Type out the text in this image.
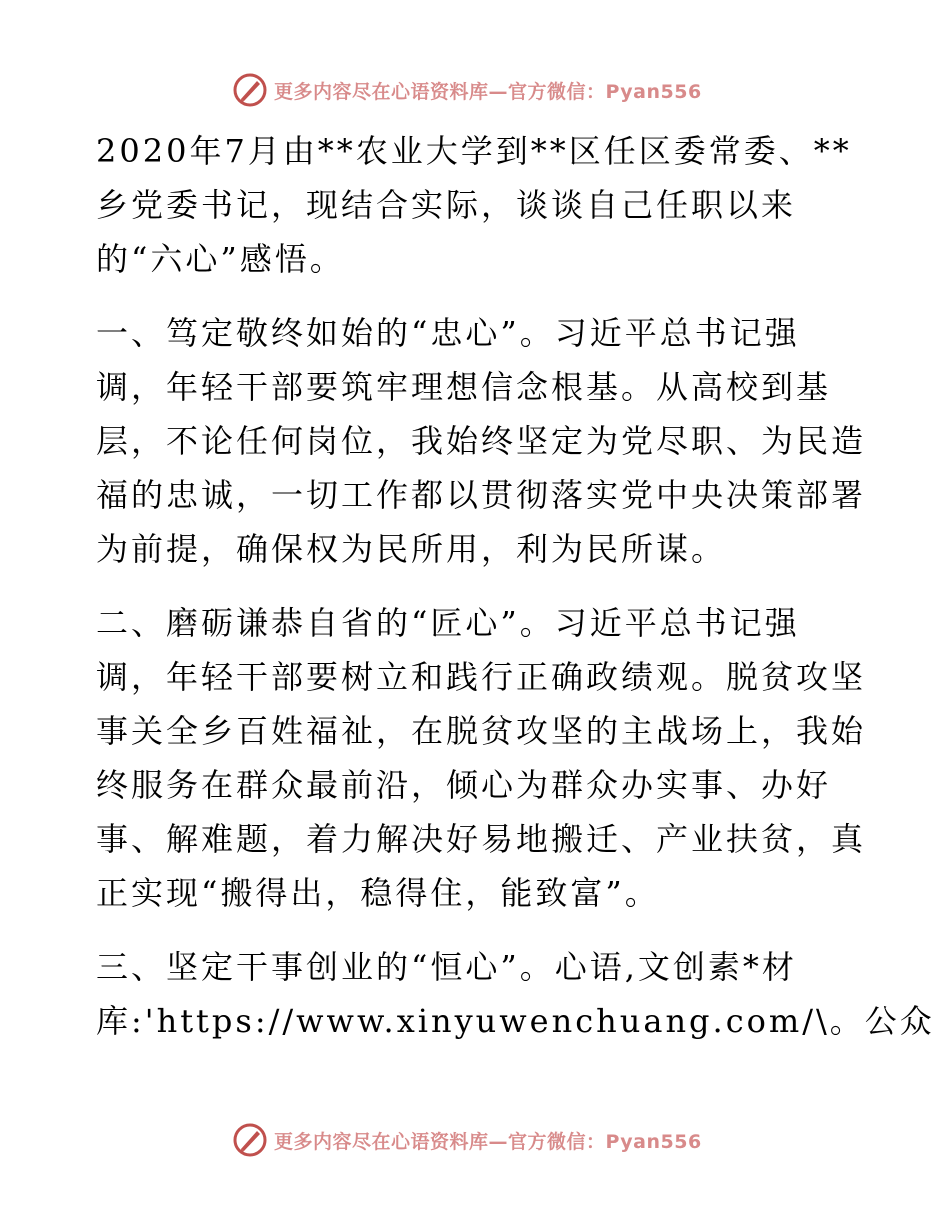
更多内容尽在心语资料库—官方微信：Pyan556

2020年7月由**农业大学到**区任区委常委、**
乡党委书记，现结合实际，谈谈自己任职以来
的“六心”感悟。

一、笃定敬终如始的“忠心”。习近平总书记强
调，年轻干部要筑牢理想信念根基。从高校到基
层，不论任何岗位，我始终坚定为党尽职、为民造
福的忠诚，一切工作都以贯彻落实党中央决策部署
为前提，确保权为民所用，利为民所谋。

二、磨砺谦恭自省的“匠心”。习近平总书记强
调，年轻干部要树立和践行正确政绩观。脱贫攻坚
事关全乡百姓福祉，在脱贫攻坚的主战场上，我始
终服务在群众最前沿，倾心为群众办实事、办好
事、解难题，着力解决好易地搬迁、产业扶贫，真
正实现“搬得出，稳得住，能致富”。

三、坚定干事创业的“恒心”。心语,文创素*材
库:'https://www.xinyuwenchuang.com/\。公众

更多内容尽在心语资料库—官方微信：Pyan556
